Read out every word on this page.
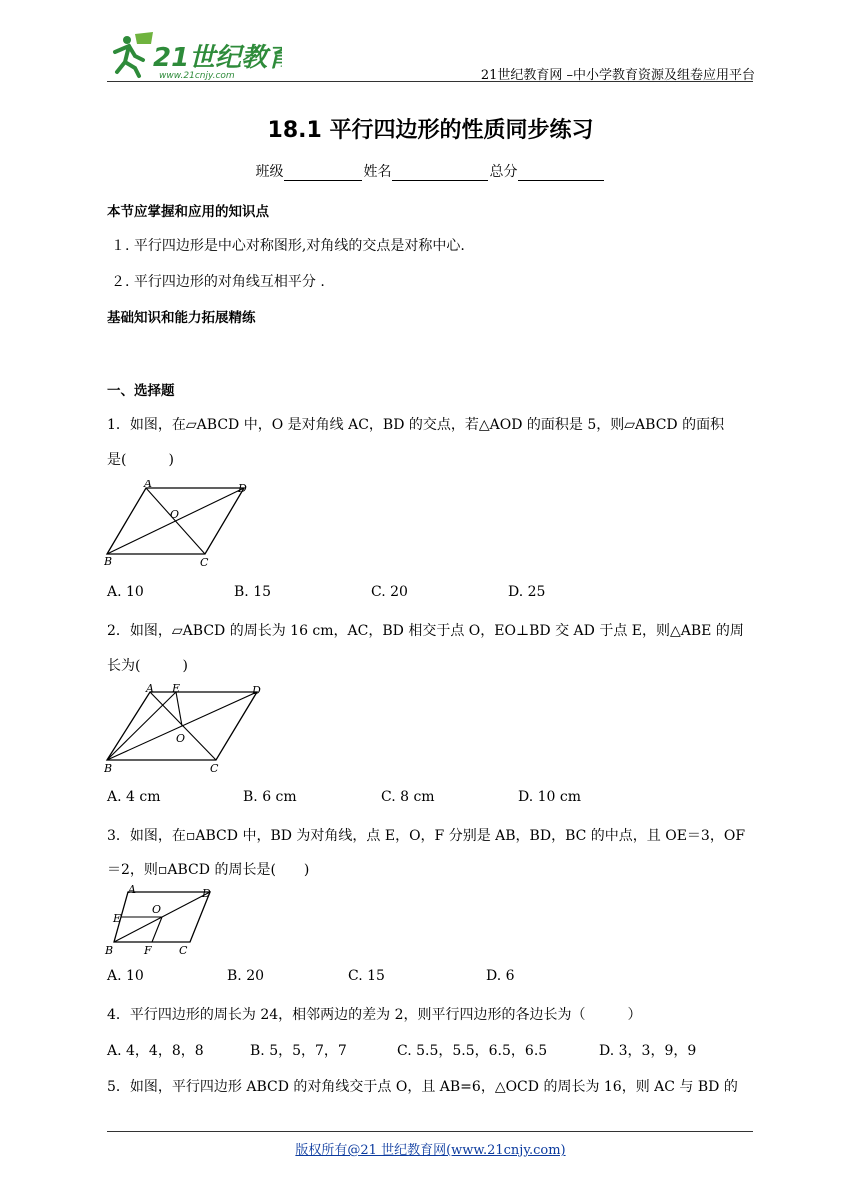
21世纪教育
www.21cnjy.com	21世纪教育网 –中小学教育资源及组卷应用平台
18.1 平行四边形的性质同步练习
班级	姓名	总分
本节应掌握和应用的知识点
１. 平行四边形是中心对称图形,对角线的交点是对称中心.
２. 平行四边形的对角线互相平分 .
基础知识和能力拓展精练
一、选择题
1．如图，在▱ABCD 中，O 是对角线 AC，BD 的交点，若△AOD 的面积是 5，则▱ABCD 的面积
是(　　　)
A	D
O
B	C
A. 10	B. 15	C. 20	D. 25
2．如图，▱ABCD 的周长为 16 cm，AC，BD 相交于点 O，EO⊥BD 交 AD 于点 E，则△ABE 的周
长为(　　　)
A E	D
O
B	C
A. 4 cm	B. 6 cm	C. 8 cm	D. 10 cm
3．如图，在▫ABCD 中，BD 为对角线，点 E，O，F 分别是 AB，BD，BC 的中点，且 OE＝3，OF
＝2，则▫ABCD 的周长是(　　)
A	D
E
O
B	F C
A. 10	B. 20	C. 15	D. 6
4．平行四边形的周长为 24，相邻两边的差为 2，则平行四边形的各边长为（　　　）
A. 4，4，8，8	B. 5，5，7，7	C. 5.5，5.5，6.5，6.5	D. 3，3，9，9
5．如图，平行四边形 ABCD 的对角线交于点 O，且 AB=6，△OCD 的周长为 16，则 AC 与 BD 的
版权所有@21 世纪教育网(www.21cnjy.com)
